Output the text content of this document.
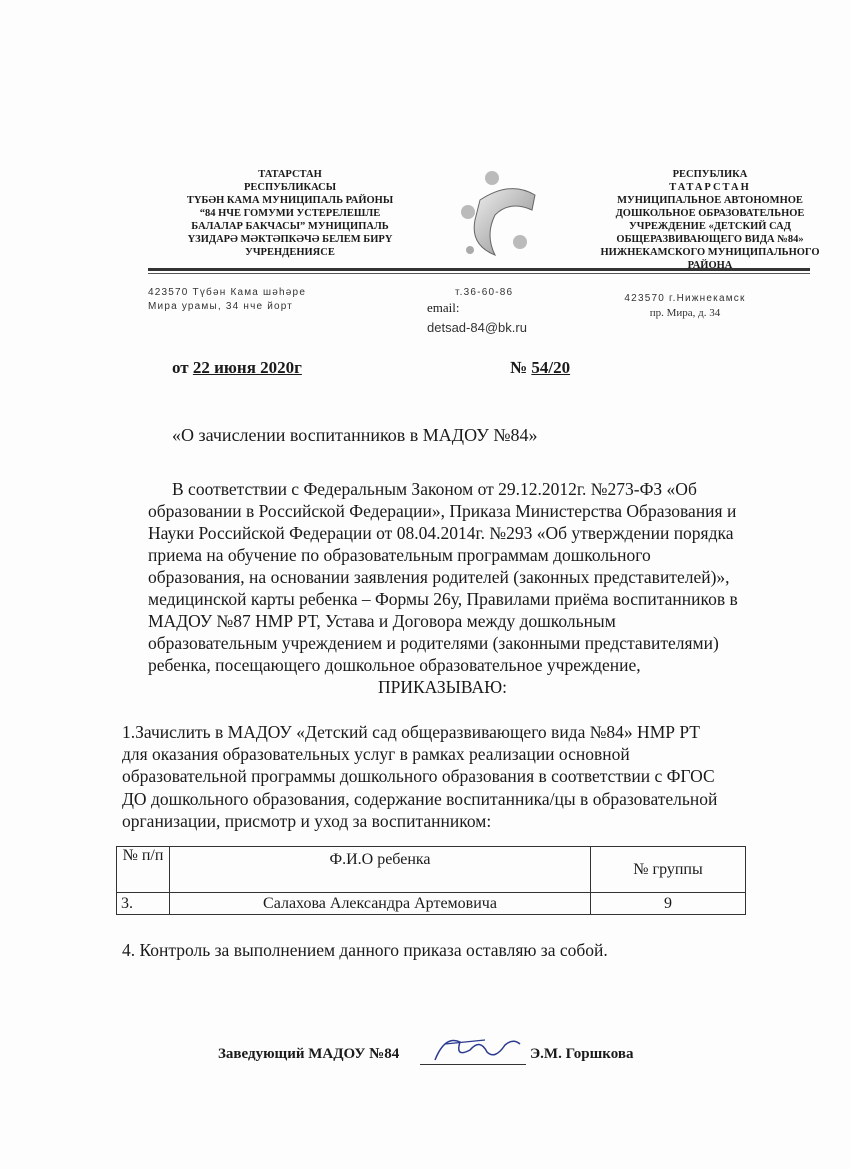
ТАТАРСТАН
РЕСПУБЛИКАСЫ
ТҮБӘН КАМА МУНИЦИПАЛЬ РАЙОНЫ
“84 НЧЕ ГОМУМИ УСТЕРЕЛЕШЛЕ
БАЛАЛАР БАКЧАСЫ” МУНИЦИПАЛЬ
ҮЗИДАРӘ МӘКТӘПКӘЧӘ БЕЛЕМ БИРҮ
УЧРЕНДЕНИЯСЕ
РЕСПУБЛИКА
ТАТАРСТАН
МУНИЦИПАЛЬНОЕ АВТОНОМНОЕ
ДОШКОЛЬНОЕ ОБРАЗОВАТЕЛЬНОЕ
УЧРЕЖДЕНИЕ «ДЕТСКИЙ САД
ОБЩЕРАЗВИВАЮЩЕГО ВИДА №84»
НИЖНЕКАМСКОГО МУНИЦИПАЛЬНОГО
РАЙОНА
423570 Түбән Кама шәһәре
Мира урамы, 34 нче йорт
т.36-60-86
email:
detsad-84@bk.ru
423570 г.Нижнекамск
пр. Мира, д. 34
от 22 июня 2020г	№ 54/20
«О зачислении воспитанников в МАДОУ №84»
В соответствии с Федеральным Законом от 29.12.2012г. №273-ФЗ «Об
образовании в Российской Федерации», Приказа Министерства Образования и
Науки Российской Федерации от 08.04.2014г. №293 «Об утверждении порядка
приема на обучение по образовательным программам дошкольного
образования, на основании заявления родителей (законных представителей)»,
медицинской карты ребенка – Формы 26у, Правилами приёма воспитанников в
МАДОУ №87 НМР РТ, Устава и Договора между дошкольным
образовательным учреждением и родителями (законными представителями)
ребенка, посещающего дошкольное образовательное учреждение,
ПРИКАЗЫВАЮ:
1.Зачислить в МАДОУ «Детский сад общеразвивающего вида №84» НМР РТ
для оказания образовательных услуг в рамках реализации основной
образовательной программы дошкольного образования в соответствии с ФГОС
ДО дошкольного образования, содержание воспитанника/цы в образовательной
организации, присмотр и уход за воспитанником:
№ п/п	Ф.И.О ребенка	№ группы
3.	Салахова Александра Артемовича	9
4. Контроль за выполнением данного приказа оставляю за собой.
Заведующий МАДОУ №84	Э.М. Горшкова
